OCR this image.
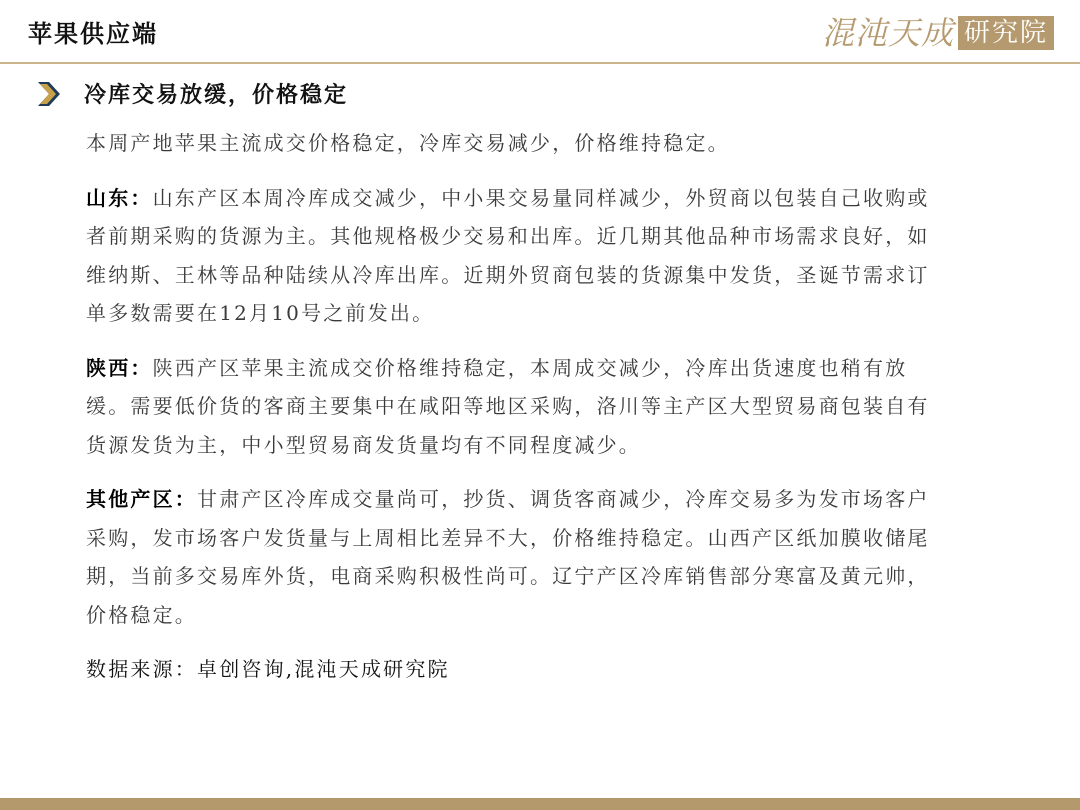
苹果供应端	混沌天成 研究院
冷库交易放缓，价格稳定

本周产地苹果主流成交价格稳定，冷库交易减少，价格维持稳定。

山东：山东产区本周冷库成交减少，中小果交易量同样减少，外贸商以包装自己收购或者前期采购的货源为主。其他规格极少交易和出库。近几期其他品种市场需求良好，如维纳斯、王林等品种陆续从冷库出库。近期外贸商包装的货源集中发货，圣诞节需求订单多数需要在12月10号之前发出。

陕西：陕西产区苹果主流成交价格维持稳定，本周成交减少，冷库出货速度也稍有放缓。需要低价货的客商主要集中在咸阳等地区采购，洛川等主产区大型贸易商包装自有货源发货为主，中小型贸易商发货量均有不同程度减少。

其他产区：甘肃产区冷库成交量尚可，抄货、调货客商减少，冷库交易多为发市场客户采购，发市场客户发货量与上周相比差异不大，价格维持稳定。山西产区纸加膜收储尾期，当前多交易库外货，电商采购积极性尚可。辽宁产区冷库销售部分寒富及黄元帅，价格稳定。

数据来源：卓创咨询,混沌天成研究院
